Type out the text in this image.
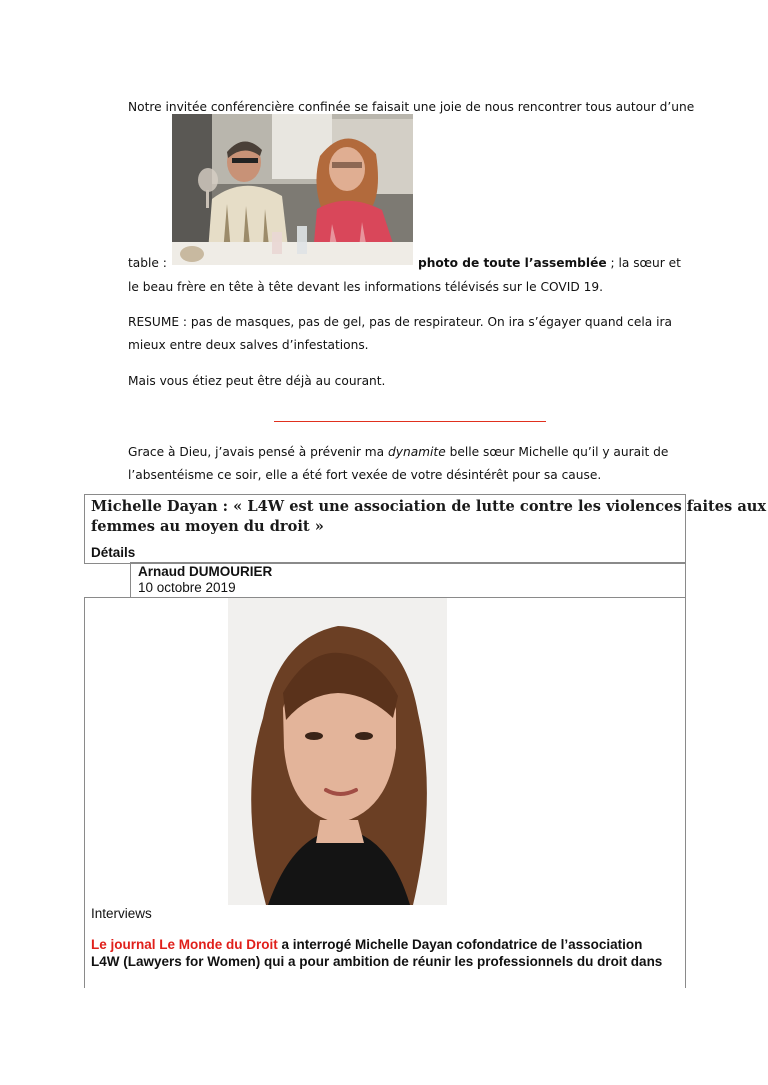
Notre invitée conférencière confinée se faisait une joie de nous rencontrer tous autour d’une
table :	photo de toute l’assemblée ; la sœur et
le beau frère en tête à tête devant les informations télévisés sur le COVID 19.
RESUME : pas de masques, pas de gel, pas de respirateur. On ira s’égayer quand cela ira
mieux entre deux salves d’infestations.
Mais vous étiez peut être déjà au courant.
Grace à Dieu, j’avais pensé à prévenir ma dynamite belle sœur Michelle qu’il y aurait de
l’absentéisme ce soir, elle a été fort vexée de votre désintérêt pour sa cause.
Michelle Dayan : « L4W est une association de lutte contre les violences faites aux
femmes au moyen du droit »
Détails
Arnaud DUMOURIER
10 octobre 2019
Interviews
Le journal Le Monde du Droit a interrogé Michelle Dayan cofondatrice de l’association
L4W (Lawyers for Women) qui a pour ambition de réunir les professionnels du droit dans
